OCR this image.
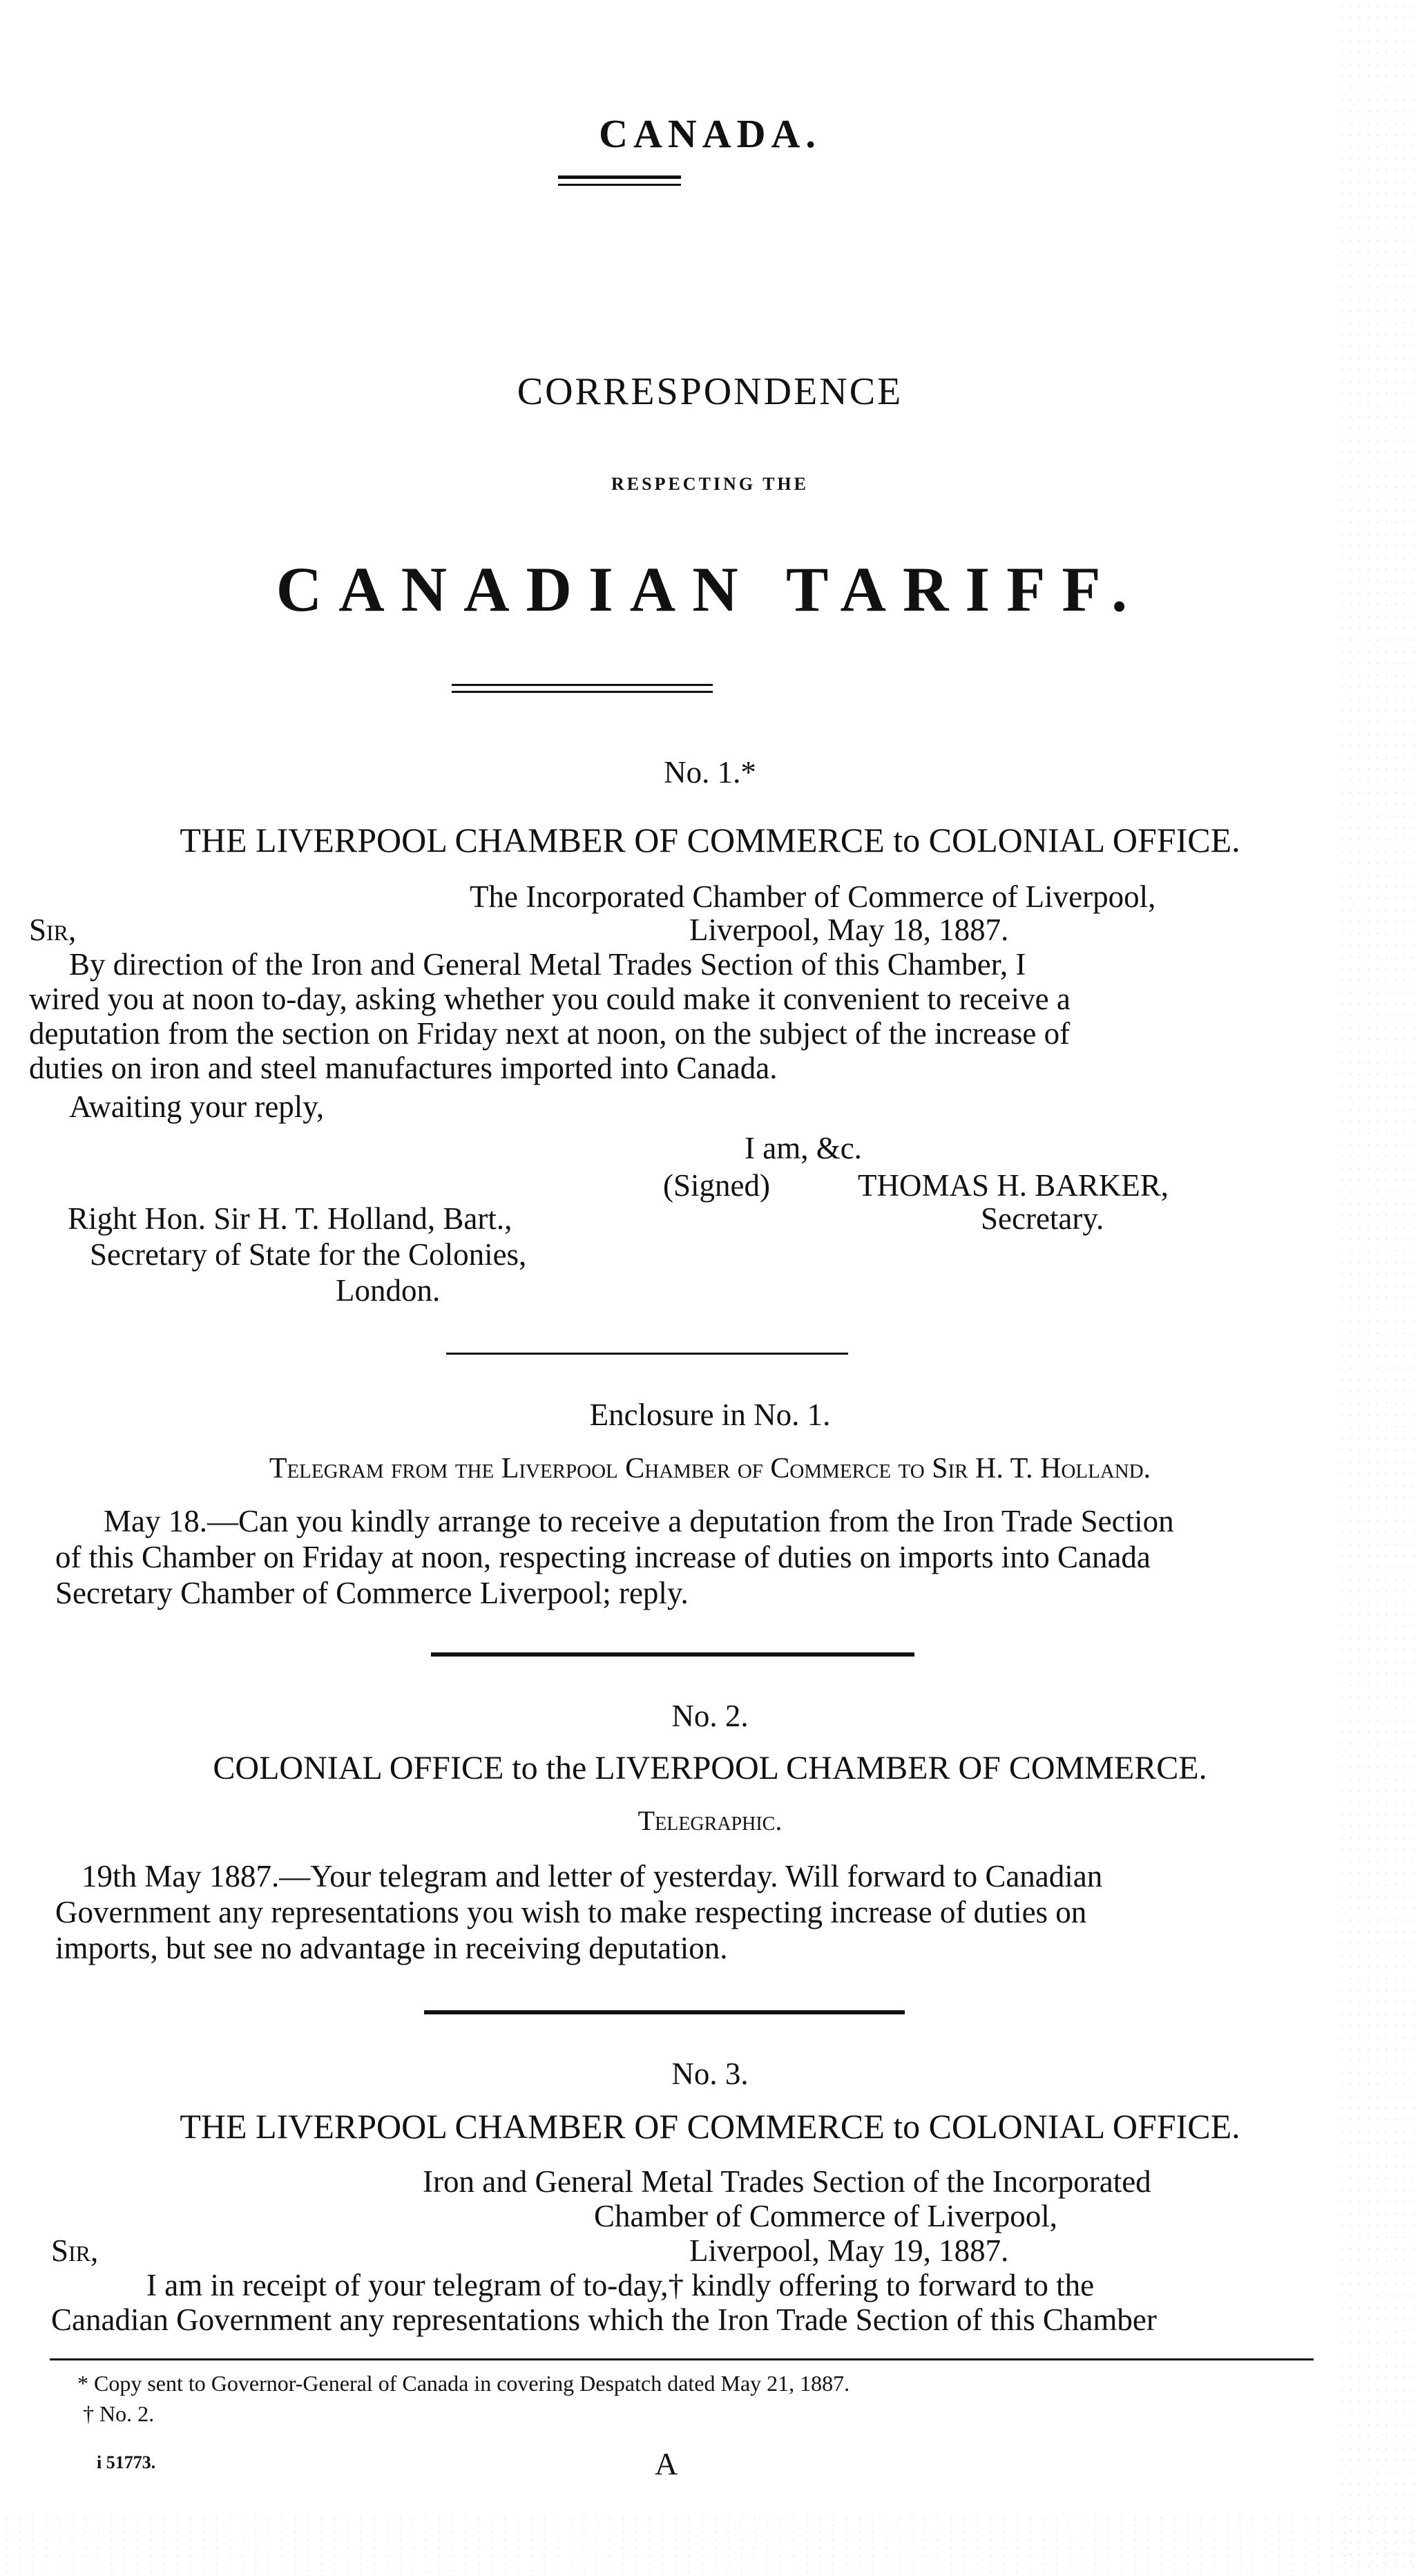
CANADA.
CORRESPONDENCE
RESPECTING THE
CANADIAN TARIFF.
No. 1.*
THE LIVERPOOL CHAMBER OF COMMERCE to COLONIAL OFFICE.
The Incorporated Chamber of Commerce of Liverpool,
Sir,	Liverpool, May 18, 1887.
By direction of the Iron and General Metal Trades Section of this Chamber, I
wired you at noon to-day, asking whether you could make it convenient to receive a
deputation from the section on Friday next at noon, on the subject of the increase of
duties on iron and steel manufactures imported into Canada.
Awaiting your reply,
I am, &c.
(Signed)	THOMAS H. BARKER,
Right Hon. Sir H. T. Holland, Bart.,	Secretary.
Secretary of State for the Colonies,
London.
Enclosure in No. 1.
Telegram from the Liverpool Chamber of Commerce to Sir H. T. Holland.
May 18.—Can you kindly arrange to receive a deputation from the Iron Trade Section
of this Chamber on Friday at noon, respecting increase of duties on imports into Canada
Secretary Chamber of Commerce Liverpool; reply.
No. 2.
COLONIAL OFFICE to the LIVERPOOL CHAMBER OF COMMERCE.
Telegraphic.
19th May 1887.—Your telegram and letter of yesterday. Will forward to Canadian
Government any representations you wish to make respecting increase of duties on
imports, but see no advantage in receiving deputation.
No. 3.
THE LIVERPOOL CHAMBER OF COMMERCE to COLONIAL OFFICE.
Iron and General Metal Trades Section of the Incorporated
Chamber of Commerce of Liverpool,
Sir,	Liverpool, May 19, 1887.
I am in receipt of your telegram of to-day,† kindly offering to forward to the
Canadian Government any representations which the Iron Trade Section of this Chamber
* Copy sent to Governor-General of Canada in covering Despatch dated May 21, 1887.
† No. 2.
i 51773.	A
